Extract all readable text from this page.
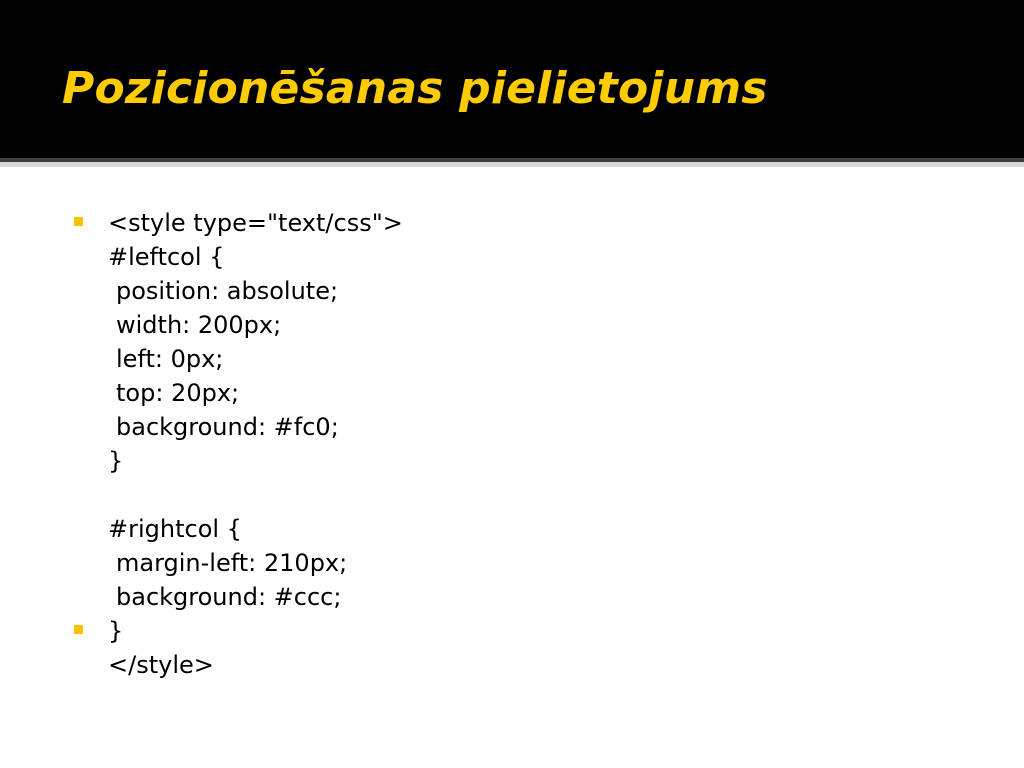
Pozicionēšanas pielietojums
<style type="text/css">
#leftcol {
position: absolute;
width: 200px;
left: 0px;
top: 20px;
background: #fc0;
}
#rightcol {
margin-left: 210px;
background: #ccc;
}
</style>
